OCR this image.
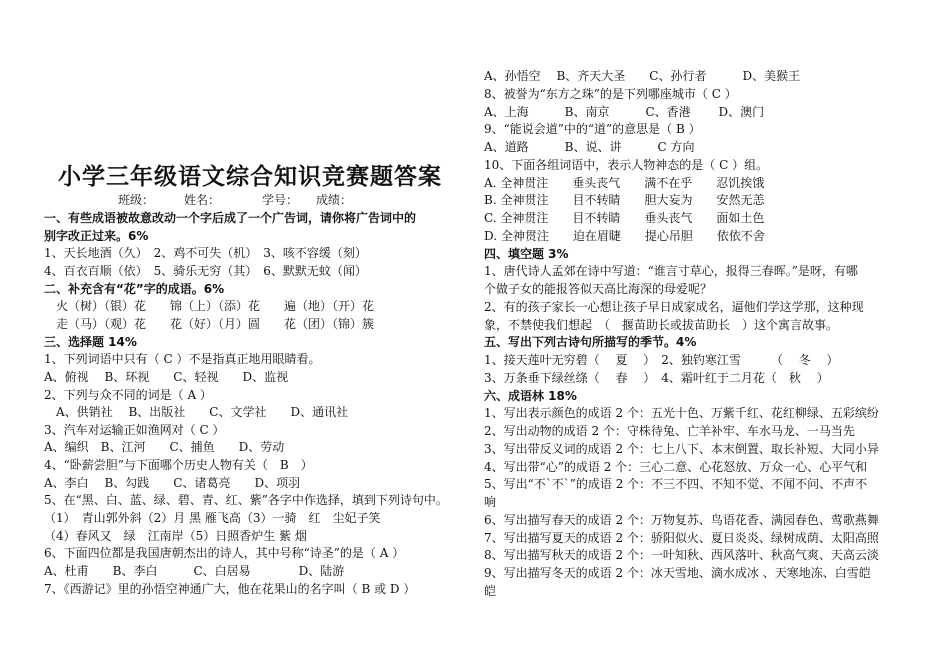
小学三年级语文综合知识竞赛题答案
班级：　　　姓名：　　　　学号：　　成绩：
一、有些成语被故意改动一个字后成了一个广告词，请你将广告词中的
别字改正过来。6%
1、天长地酒（久）　2、鸡不可失（机）　3、咳不容缓（刻）
4、百衣百顺（依）　5、骑乐无穷（其）　6、默默无蚊（闻）
二、补充含有“花”字的成语。6%
　火（树）（银）花　　锦（上）（添）花　　遍（地）（开）花
　走（马）（观）花　　花（好）（月）圆　　花（团）（锦）簇
三、选择题 14%
1、下列词语中只有（ C ）不是指真正地用眼睛看。
A、俯视　 B、环视　　C、轻视　　D、监视
2、下列与众不同的词是（ A ）
　A、供销社　 B、出版社　　C、文学社　　D、通讯社
3、汽车对运输正如渔网对（ C ）
A、编织　B、江河　　C、捕鱼　　D、劳动
4、“卧薪尝胆”与下面哪个历史人物有关（　B　）
A、李白　 B、勾践　　C、诸葛亮　　D、项羽
5、在“黑、白、蓝、绿、碧、青、红、紫”各字中作选择，填到下列诗句中。
（1）　青山郭外斜（2）月 黑 雁飞高（3）一骑　红　尘妃子笑
（4）春风又　绿　江南岸（5）日照香炉生 紫 烟
6、下面四位都是我国唐朝杰出的诗人，其中号称“诗圣”的是（ A ）
A、杜甫　　B、李白　　　C、白居易　　　　D、陆游
7、《西游记》里的孙悟空神通广大，他在花果山的名字叫（ B 或 D ）
A、孙悟空　 B、齐天大圣　　C、孙行者　　　D、美猴王
8、被誉为“东方之珠”的是下列哪座城市（ C ）
A、上海　　　B、南京　　　C、香港　　 D、澳门
9、“能说会道”中的“道”的意思是（ B ）
A、道路　　　B、说、讲　　　C 方向
10、下面各组词语中，表示人物神态的是（ C ）组。
A. 全神贯注　　垂头丧气　　满不在乎　　忍饥挨饿
B. 全神贯注　　目不转睛　　胆大妄为　　安然无恙
C. 全神贯注　　目不转睛　　垂头丧气　　面如土色
D. 全神贯注　　迫在眉睫　　提心吊胆　　依依不舍
四、填空题 3%
1、唐代诗人孟郊在诗中写道：“谁言寸草心，报得三春晖。”是呀，有哪
个做子女的能报答似天高比海深的母爱呢？
2、有的孩子家长一心想让孩子早日成家成名，逼他们学这学那，这种现
象，不禁使我们想起　（　揠苗助长或拔苗助长　）这个寓言故事。
五、写出下列古诗句所描写的季节。4%
1、接天莲叶无穷碧（　 夏　 ）　2、独钓寒江雪　　　（　 冬　 ）
3、万条垂下绿丝绦（　 春　 ）　4、霜叶红于二月花（　秋　 ）
六、成语林 18%
1、写出表示颜色的成语 2 个：五光十色、万紫千红、花红柳绿、五彩缤纷
2、写出动物的成语 2 个：守株待兔、亡羊补牢、车水马龙、一马当先
3、写出带反义词的成语 2 个：七上八下、本末倒置、取长补短、大同小异
4、写出带“心”的成语 2 个：三心二意、心花怒放、万众一心、心平气和
5、写出“不`不`”的成语 2 个：不三不四、不知不觉、不闻不问、不声不
响
6、写出描写春天的成语 2 个：万物复苏、鸟语花香、满园春色、莺歌燕舞
7、写出描写夏天的成语 2 个：骄阳似火、夏日炎炎、绿树成荫、太阳高照
8、写出描写秋天的成语 2 个：一叶知秋、西风落叶、秋高气爽、天高云淡
9、写出描写冬天的成语 2 个：冰天雪地、滴水成冰 、天寒地冻、白雪皑
皑
